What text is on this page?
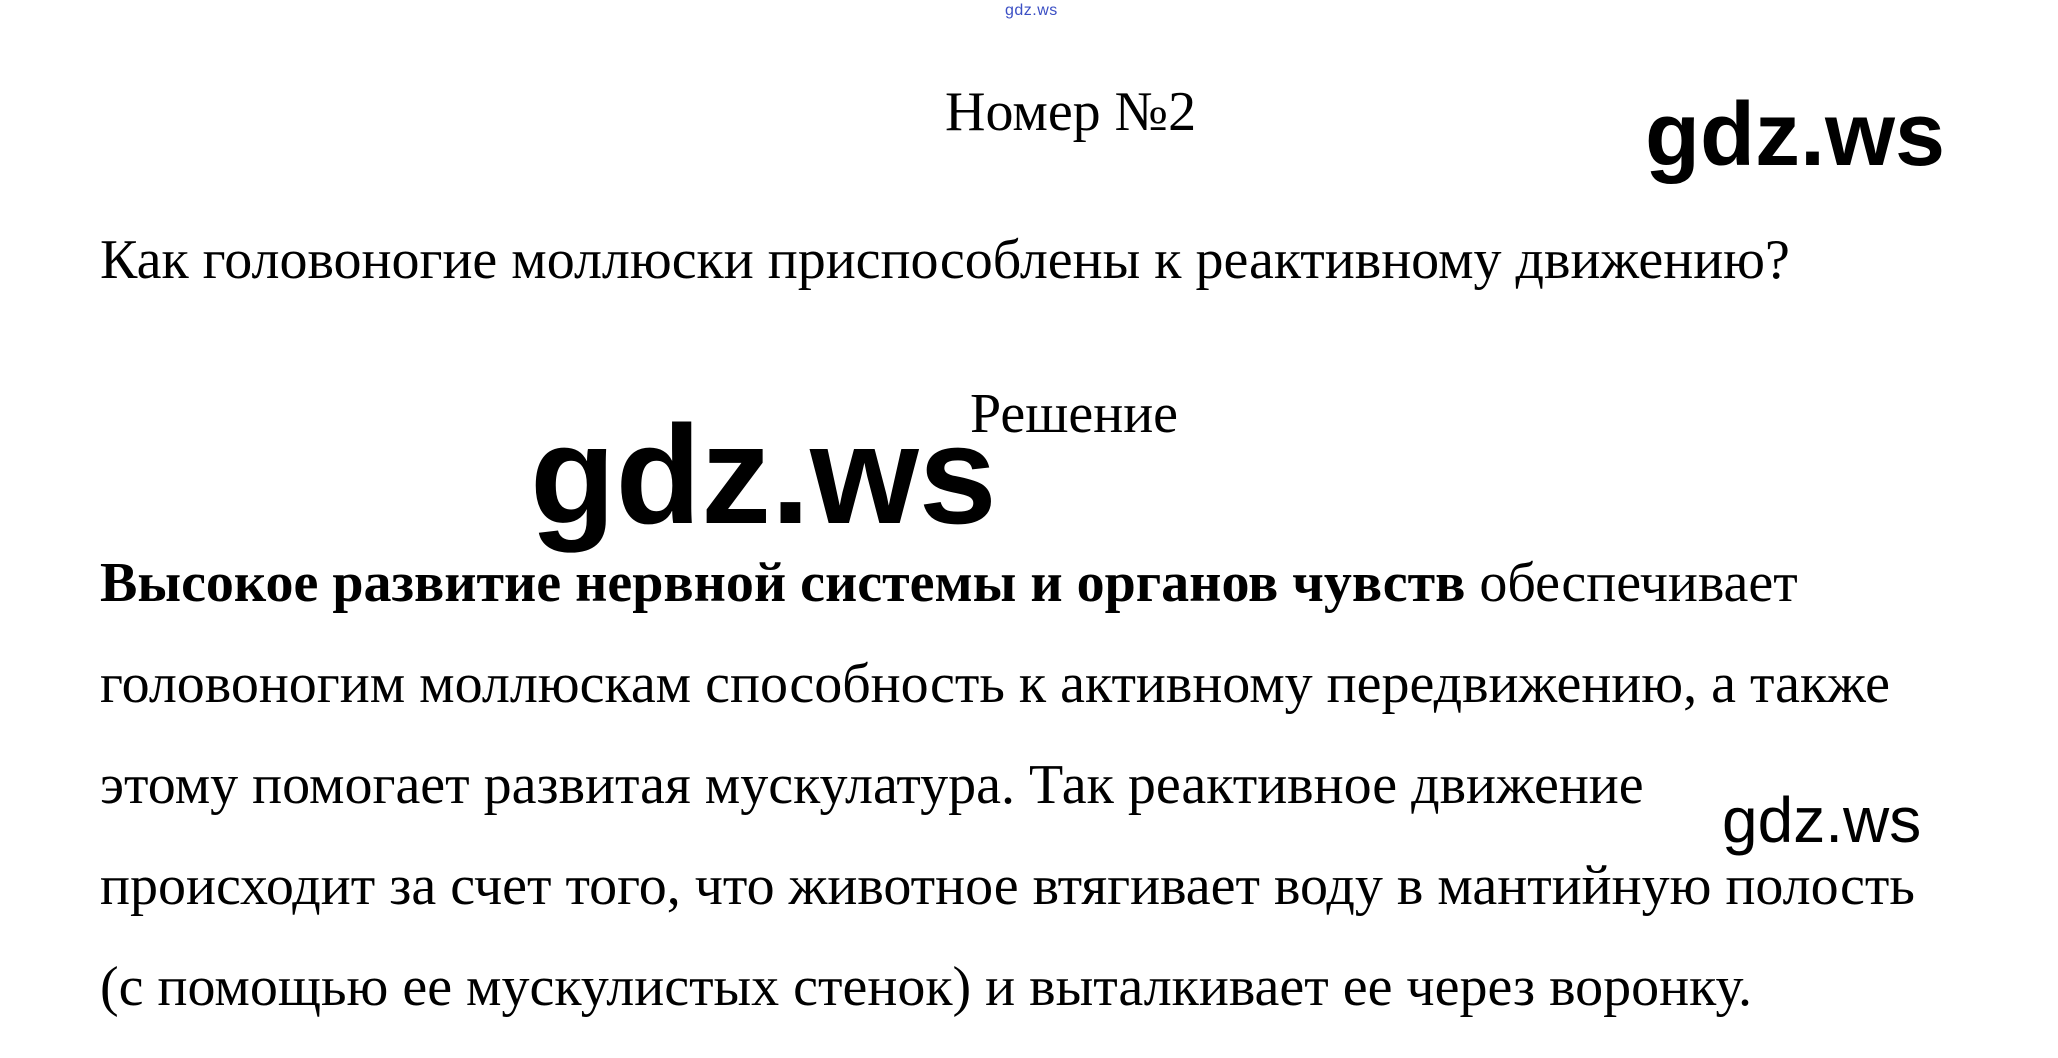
gdz.ws
Номер №2	gdz.ws
Как головоногие моллюски приспособлены к реактивному движению?
gdz.ws
Решение
Высокое развитие нервной системы и органов чувств обеспечивает
головоногим моллюскам способность к активному передвижению, а также
этому помогает развитая мускулатура. Так реактивное движение
происходит за счет того, что животное втягивает воду в мантийную полость
(с помощью ее мускулистых стенок) и выталкивает ее через воронку.
gdz.ws
